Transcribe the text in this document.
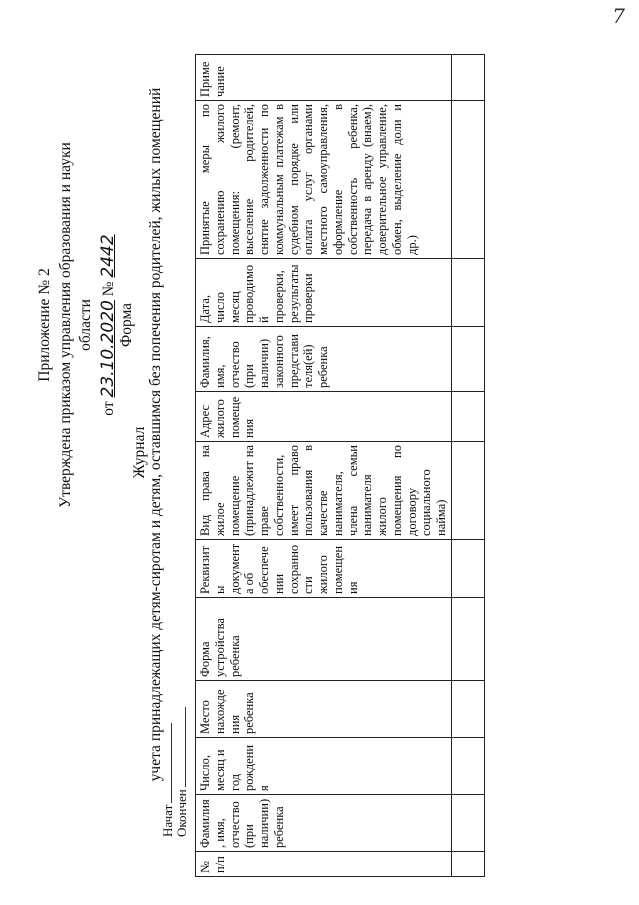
7
Приложение № 2 Утверждена приказом управления образования и науки области
от 23.10.2020 № 2442
Форма
Журнал учета принадлежащих детям-сиротам и детям, оставшимся без попечения родителей, жилых помещений
Начат Окончен
№ п/п	Фамилия, имя, отчество (при наличии) ребенка	Число, месяц и год рождения	Место нахождения ребенка	Форма устройства ребенка	Реквизиты документа об обеспечении сохранности жилого помещения	Вид права на жилое помещение (принадлежит на праве собственности, имеет право пользования в качестве нанимателя, члена семьи нанимателя жилого помещения по договору социального найма)	Адрес жилого помещения	Фамилия, имя, отчество (при наличии) законного представителя(ей) ребенка	Дата, число месяц проводимой проверки, результаты проверки	Принятые меры по сохранению жилого помещения: (ремонт, выселение родителей, снятие задолженности по коммунальным платежам в судебном порядке или оплата услуг органами местного самоуправления, оформление в собственность ребенка, передача в аренду (внаем), доверительное управление, обмен, выделение доли и др.)	Примечание
